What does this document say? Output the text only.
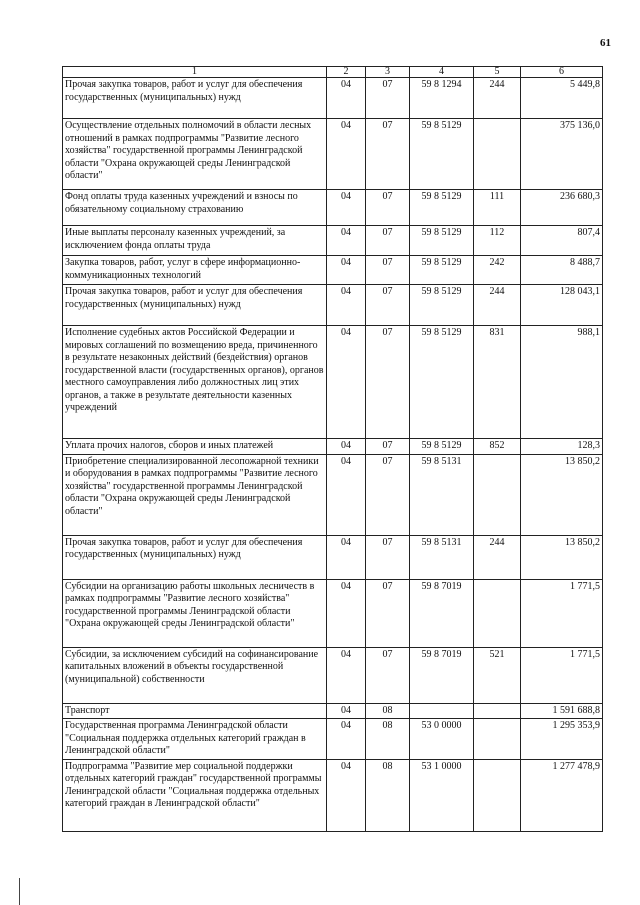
61
1	2	3	4	5	6
Прочая закупка товаров, работ и услуг для обеспечения государственных (муниципальных) нужд	04	07	59 8 1294	244	5 449,8
Осуществление отдельных полномочий в области лесных отношений в рамках подпрограммы "Развитие лесного хозяйства" государственной программы Ленинградской области "Охрана окружающей среды Ленинградской области"	04	07	59 8 5129		375 136,0
Фонд оплаты труда казенных учреждений и взносы по обязательному социальному страхованию	04	07	59 8 5129	111	236 680,3
Иные выплаты персоналу казенных учреждений, за исключением фонда оплаты труда	04	07	59 8 5129	112	807,4
Закупка товаров, работ, услуг в сфере информационно-коммуникационных технологий	04	07	59 8 5129	242	8 488,7
Прочая закупка товаров, работ и услуг для обеспечения государственных (муниципальных) нужд	04	07	59 8 5129	244	128 043,1
Исполнение судебных актов Российской Федерации и мировых соглашений по возмещению вреда, причиненного в результате незаконных действий (бездействия) органов государственной власти (государственных органов), органов местного самоуправления либо должностных лиц этих органов, а также в результате деятельности казенных учреждений	04	07	59 8 5129	831	988,1
Уплата прочих налогов, сборов и иных платежей	04	07	59 8 5129	852	128,3
Приобретение специализированной лесопожарной техники и оборудования в рамках подпрограммы "Развитие лесного хозяйства" государственной программы Ленинградской области "Охрана окружающей среды Ленинградской области"	04	07	59 8 5131		13 850,2
Прочая закупка товаров, работ и услуг для обеспечения государственных (муниципальных) нужд	04	07	59 8 5131	244	13 850,2
Субсидии на организацию работы школьных лесничеств в рамках подпрограммы "Развитие лесного хозяйства" государственной программы Ленинградской области "Охрана окружающей среды Ленинградской области"	04	07	59 8 7019		1 771,5
Субсидии, за исключением субсидий на софинансирование капитальных вложений в объекты государственной (муниципальной) собственности	04	07	59 8 7019	521	1 771,5
Транспорт	04	08			1 591 688,8
Государственная программа Ленинградской области "Социальная поддержка отдельных категорий граждан в Ленинградской области"	04	08	53 0 0000		1 295 353,9
Подпрограмма "Развитие мер социальной поддержки отдельных категорий граждан" государственной программы Ленинградской области "Социальная поддержка отдельных категорий граждан в Ленинградской области"	04	08	53 1 0000		1 277 478,9
